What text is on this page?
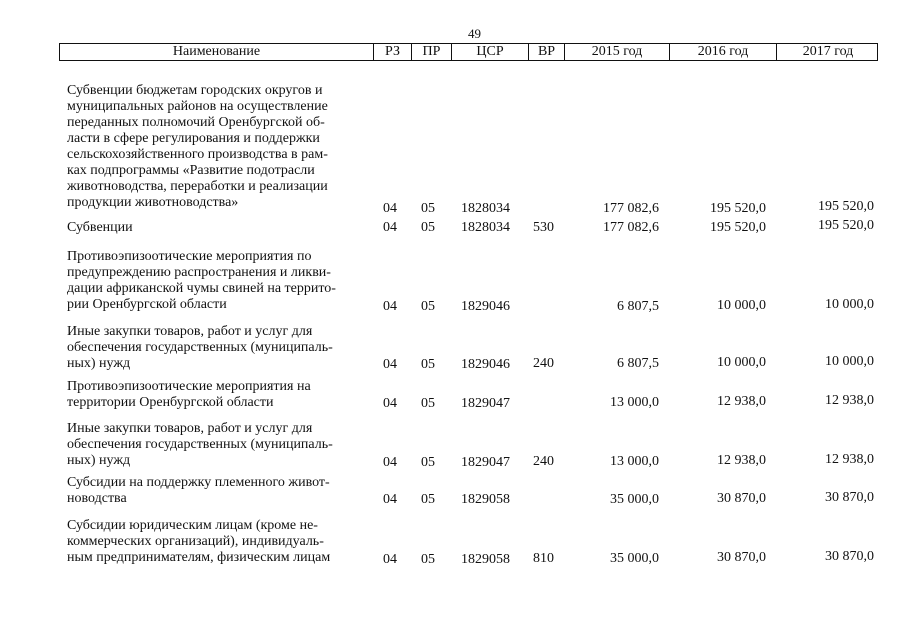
49
Наименование	РЗ	ПР	ЦСР	ВР	2015 год	2016 год	2017 год
Субвенции бюджетам городских округов и
муниципальных районов на осуществление
переданных полномочий Оренбургской об-
ласти в сфере регулирования и поддержки
сельскохозяйственного производства в рам-
ках подпрограммы «Развитие подотрасли
животноводства, переработки и реализации
продукции животноводства»	04 05 1828034	177 082,6	195 520,0	195 520,0
Субвенции	04 05 1828034 530	177 082,6	195 520,0	195 520,0
Противоэпизоотические мероприятия по
предупреждению распространения и ликви-
дации африканской чумы свиней на террито-
рии Оренбургской области	04 05 1829046	6 807,5	10 000,0	10 000,0
Иные закупки товаров, работ и услуг для
обеспечения государственных (муниципаль-
ных) нужд	04 05 1829046 240	6 807,5	10 000,0	10 000,0
Противоэпизоотические мероприятия на
территории Оренбургской области	04 05 1829047	13 000,0	12 938,0	12 938,0
Иные закупки товаров, работ и услуг для
обеспечения государственных (муниципаль-
ных) нужд	04 05 1829047 240	13 000,0	12 938,0	12 938,0
Субсидии на поддержку племенного живот-
новодства	04 05 1829058	35 000,0	30 870,0	30 870,0
Субсидии юридическим лицам (кроме не-
коммерческих организаций), индивидуаль-
ным предпринимателям, физическим лицам	04 05 1829058 810	35 000,0	30 870,0	30 870,0
